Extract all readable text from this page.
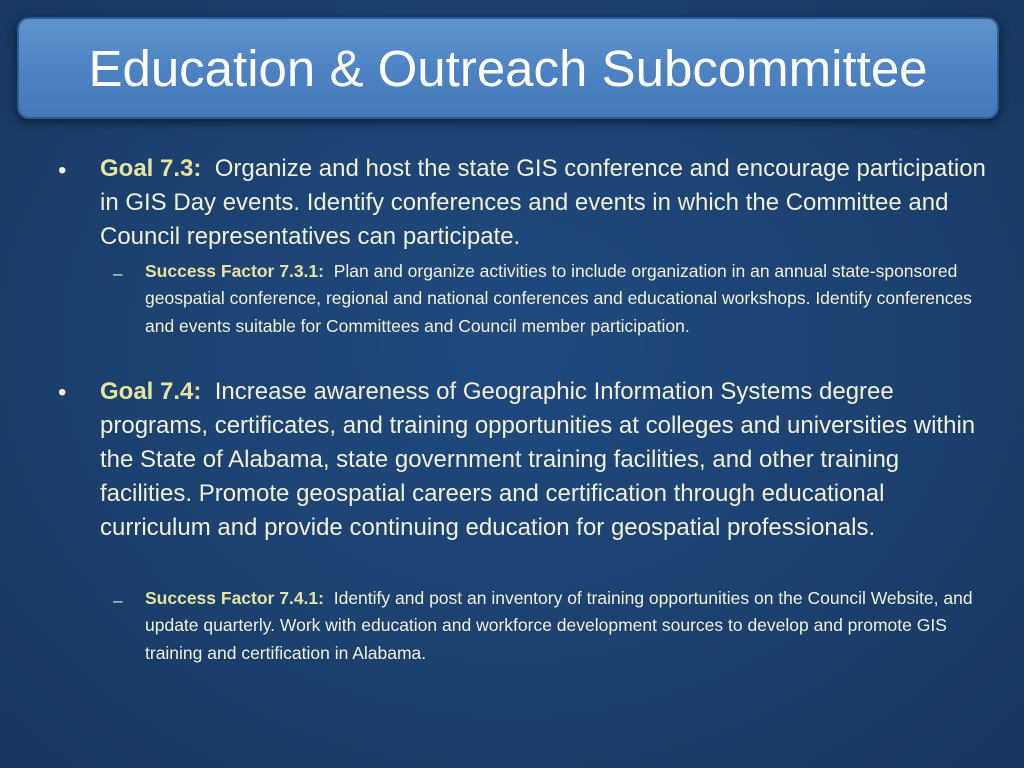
Education & Outreach Subcommittee
• Goal 7.3: Organize and host the state GIS conference and encourage participation in GIS Day events. Identify conferences and events in which the Committee and Council representatives can participate.
– Success Factor 7.3.1: Plan and organize activities to include organization in an annual state-sponsored geospatial conference, regional and national conferences and educational workshops. Identify conferences and events suitable for Committees and Council member participation.
• Goal 7.4: Increase awareness of Geographic Information Systems degree programs, certificates, and training opportunities at colleges and universities within the State of Alabama, state government training facilities, and other training facilities. Promote geospatial careers and certification through educational curriculum and provide continuing education for geospatial professionals.
– Success Factor 7.4.1: Identify and post an inventory of training opportunities on the Council Website, and update quarterly. Work with education and workforce development sources to develop and promote GIS training and certification in Alabama.
